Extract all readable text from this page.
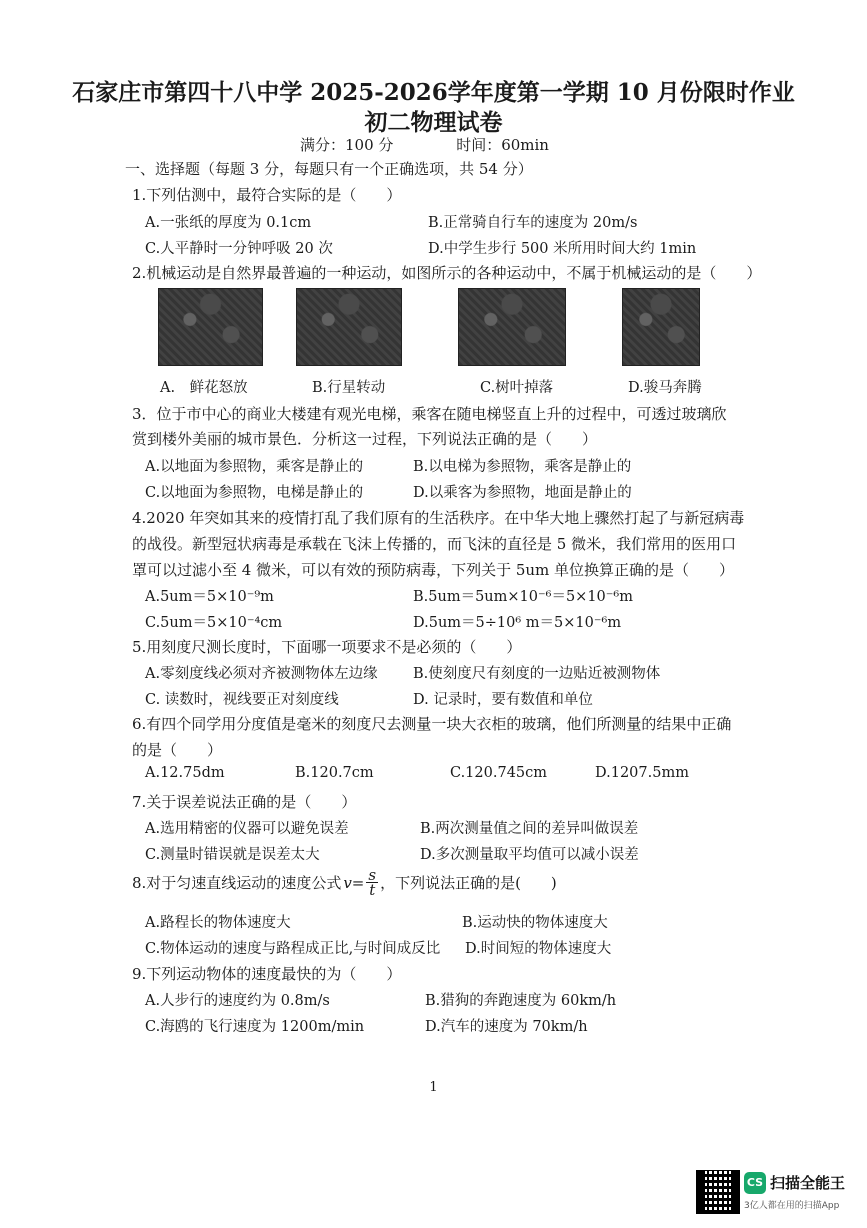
石家庄市第四十八中学 2025-2026学年度第一学期 10 月份限时作业
初二物理试卷
满分：100 分	时间：60min
一、选择题（每题 3 分，每题只有一个正确选项，共 54 分）
1.下列估测中，最符合实际的是（　　）
A.一张纸的厚度为 0.1cm	B.正常骑自行车的速度为 20m/s
C.人平静时一分钟呼吸 20 次	D.中学生步行 500 米所用时间大约 1min
2.机械运动是自然界最普遍的一种运动，如图所示的各种运动中，不属于机械运动的是（　　）
A.　鲜花怒放	B.行星转动	C.树叶掉落	D.骏马奔腾
3．位于市中心的商业大楼建有观光电梯，乘客在随电梯竖直上升的过程中，可透过玻璃欣
赏到楼外美丽的城市景色．分析这一过程，下列说法正确的是（　　）
A.以地面为参照物，乘客是静止的	B.以电梯为参照物，乘客是静止的
C.以地面为参照物，电梯是静止的	D.以乘客为参照物，地面是静止的
4.2020 年突如其来的疫情打乱了我们原有的生活秩序。在中华大地上骤然打起了与新冠病毒
的战役。新型冠状病毒是承载在飞沫上传播的，而飞沫的直径是 5 微米，我们常用的医用口
罩可以过滤小至 4 微米，可以有效的预防病毒，下列关于 5um 单位换算正确的是（　　）
A.5um＝5×10⁻⁹m	B.5um＝5um×10⁻⁶＝5×10⁻⁶m
C.5um＝5×10⁻⁴cm	D.5um＝5÷10⁶ m＝5×10⁻⁶m
5.用刻度尺测长度时，下面哪一项要求不是必须的（　　）
A.零刻度线必须对齐被测物体左边缘 B.使刻度尺有刻度的一边贴近被测物体
C. 读数时，视线要正对刻度线	D. 记录时，要有数值和单位
6.有四个同学用分度值是毫米的刻度尺去测量一块大衣柜的玻璃，他们所测量的结果中正确
的是（　　）
A.12.75dm	B.120.7cm	C.120.745cm	D.1207.5mm
7.关于误差说法正确的是（　　）
A.选用精密的仪器可以避免误差	B.两次测量值之间的差异叫做误差
C.测量时错误就是误差太大	D.多次测量取平均值可以减小误差
8.对于匀速直线运动的速度公式 $v= \frac{s}{t}$ ，下列说法正确的是(　　)
A.路程长的物体速度大	B.运动快的物体速度大
C.物体运动的速度与路程成正比,与时间成反比 D.时间短的物体速度大
9.下列运动物体的速度最快的为（　　）
A.人步行的速度约为 0.8m/s	B.猎狗的奔跑速度为 60km/h
C.海鸥的飞行速度为 1200m/min	D.汽车的速度为 70km/h
1
CS 扫描全能王
3亿人都在用的扫描App
